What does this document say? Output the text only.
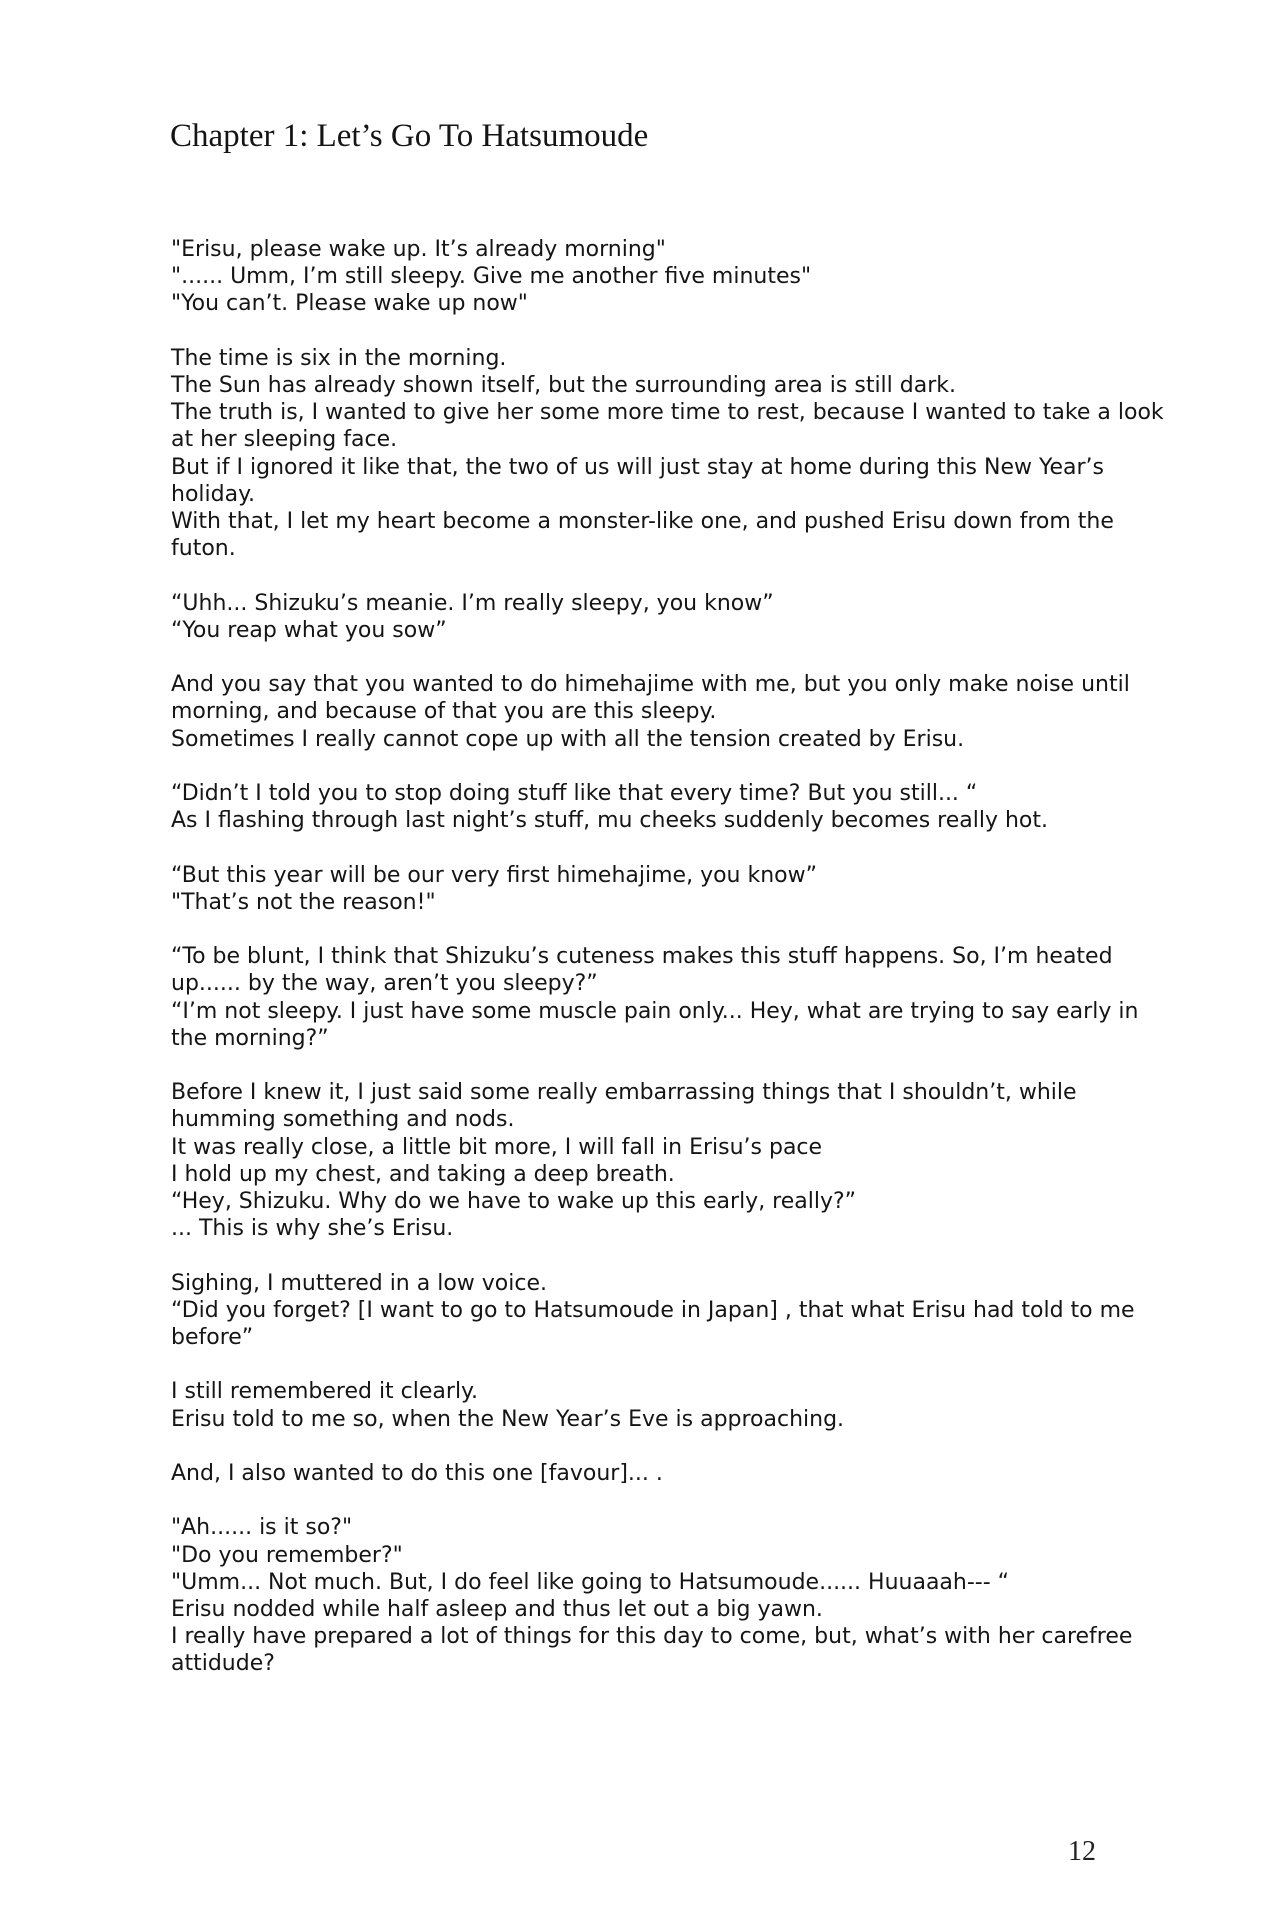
Chapter 1: Let’s Go To Hatsumoude

"Erisu, please wake up. It’s already morning"

"...... Umm, I’m still sleepy. Give me another five minutes"

"You can’t. Please wake up now"

The time is six in the morning.

The Sun has already shown itself, but the surrounding area is still dark.

The truth is, I wanted to give her some more time to rest, because I wanted to take a look at her sleeping face.

But if I ignored it like that, the two of us will just stay at home during this New Year’s holiday.

With that, I let my heart become a monster-like one, and pushed Erisu down from the futon.

“Uhh... Shizuku’s meanie. I’m really sleepy, you know”

“You reap what you sow”

And you say that you wanted to do himehajime with me, but you only make noise until morning, and because of that you are this sleepy.

Sometimes I really cannot cope up with all the tension created by Erisu.

“Didn’t I told you to stop doing stuff like that every time? But you still... “

As I flashing through last night’s stuff, mu cheeks suddenly becomes really hot.

“But this year will be our very first himehajime, you know”

"That’s not the reason!"

“To be blunt, I think that Shizuku’s cuteness makes this stuff happens. So, I’m heated up...... by the way, aren’t you sleepy?”

“I’m not sleepy. I just have some muscle pain only... Hey, what are trying to say early in the morning?”

Before I knew it, I just said some really embarrassing things that I shouldn’t, while humming something and nods.

It was really close, a little bit more, I will fall in Erisu’s pace

I hold up my chest, and taking a deep breath.

“Hey, Shizuku. Why do we have to wake up this early, really?”

... This is why she’s Erisu.

Sighing, I muttered in a low voice.

“Did you forget? [I want to go to Hatsumoude in Japan] , that what Erisu had told to me before”

I still remembered it clearly.

Erisu told to me so, when the New Year’s Eve is approaching.

And, I also wanted to do this one [favour]... .

"Ah...... is it so?"

"Do you remember?"

"Umm... Not much. But, I do feel like going to Hatsumoude...... Huuaaah--- “

Erisu nodded while half asleep and thus let out a big yawn.

I really have prepared a lot of things for this day to come, but, what’s with her carefree attidude?

12
